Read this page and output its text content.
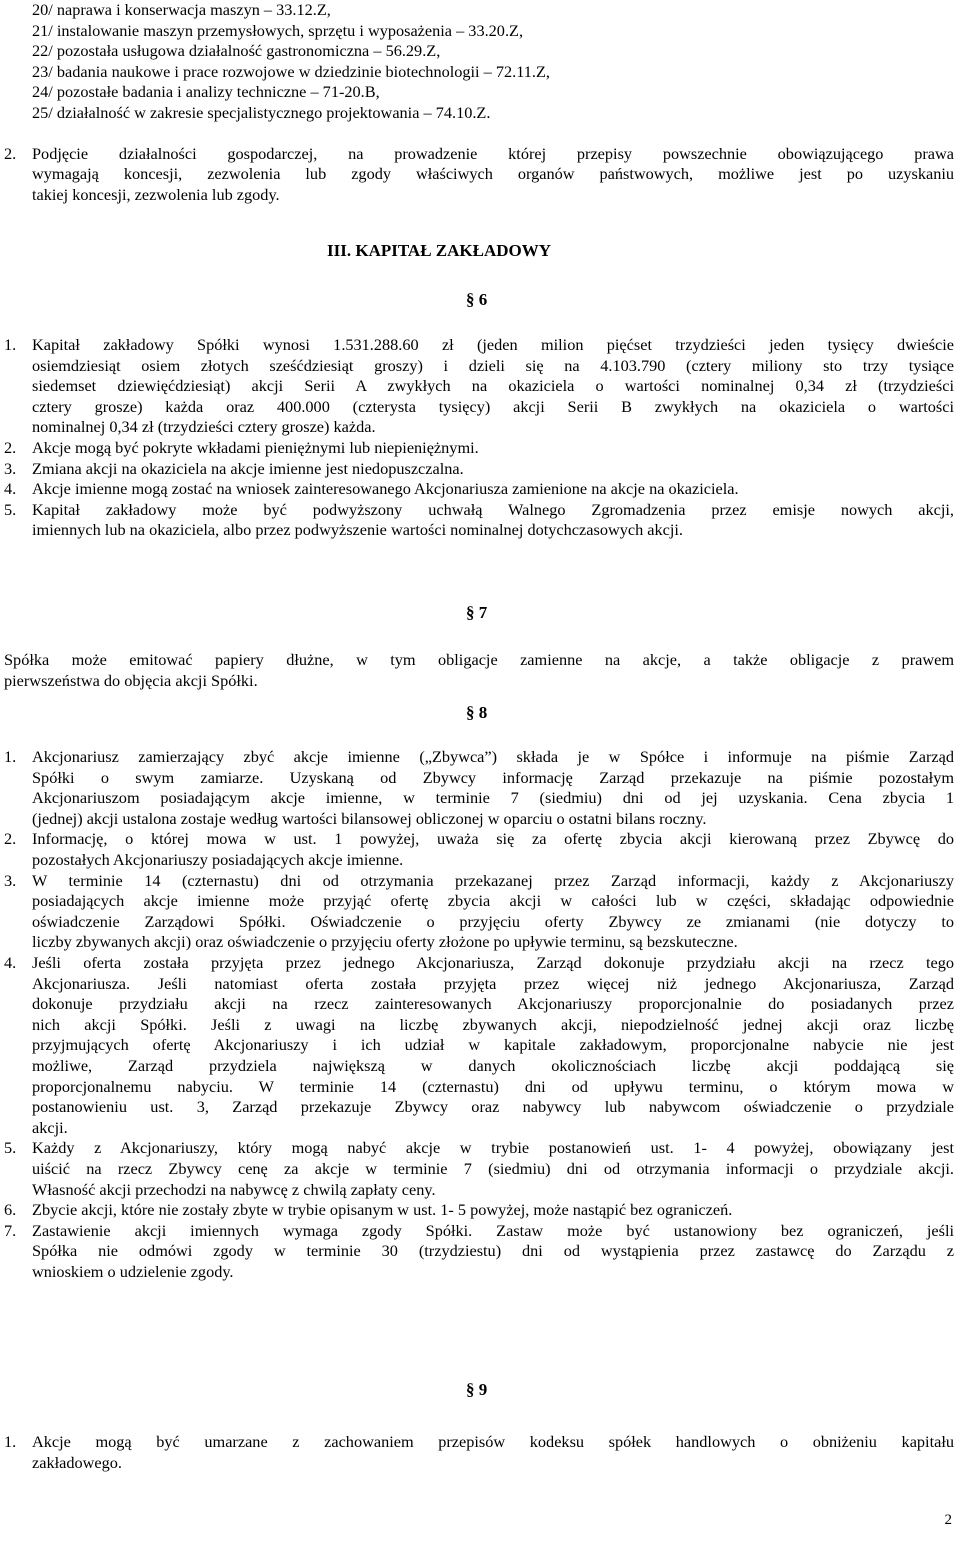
20/ naprawa i konserwacja maszyn – 33.12.Z,
21/ instalowanie maszyn przemysłowych, sprzętu i wyposażenia – 33.20.Z,
22/ pozostała usługowa działalność gastronomiczna – 56.29.Z,
23/ badania naukowe i prace rozwojowe w dziedzinie biotechnologii – 72.11.Z,
24/ pozostałe badania i analizy techniczne – 71-20.B,
25/ działalność w zakresie specjalistycznego projektowania – 74.10.Z.
2. Podjęcie działalności gospodarczej, na prowadzenie której przepisy powszechnie obowiązującego prawa
wymagają koncesji, zezwolenia lub zgody właściwych organów państwowych, możliwe jest po uzyskaniu
takiej koncesji, zezwolenia lub zgody.
III. KAPITAŁ ZAKŁADOWY
§ 6
1. Kapitał zakładowy Spółki wynosi 1.531.288.60 zł (jeden milion pięćset trzydzieści jeden tysięcy dwieście
osiemdziesiąt osiem złotych sześćdziesiąt groszy) i dzieli się na 4.103.790 (cztery miliony sto trzy tysiące
siedemset dziewięćdziesiąt) akcji Serii A zwykłych na okaziciela o wartości nominalnej 0,34 zł (trzydzieści
cztery grosze) każda oraz 400.000 (czterysta tysięcy) akcji Serii B zwykłych na okaziciela o wartości
nominalnej 0,34 zł (trzydzieści cztery grosze) każda.
2. Akcje mogą być pokryte wkładami pieniężnymi lub niepieniężnymi.
3. Zmiana akcji na okaziciela na akcje imienne jest niedopuszczalna.
4. Akcje imienne mogą zostać na wniosek zainteresowanego Akcjonariusza zamienione na akcje na okaziciela.
5. Kapitał zakładowy może być podwyższony uchwałą Walnego Zgromadzenia przez emisje nowych akcji,
imiennych lub na okaziciela, albo przez podwyższenie wartości nominalnej dotychczasowych akcji.
§ 7
Spółka może emitować papiery dłużne, w tym obligacje zamienne na akcje, a także obligacje z prawem
pierwszeństwa do objęcia akcji Spółki.
§ 8
1. Akcjonariusz zamierzający zbyć akcje imienne („Zbywca”) składa je w Spółce i informuje na piśmie Zarząd
Spółki o swym zamiarze. Uzyskaną od Zbywcy informację Zarząd przekazuje na piśmie pozostałym
Akcjonariuszom posiadającym akcje imienne, w terminie 7 (siedmiu) dni od jej uzyskania. Cena zbycia 1
(jednej) akcji ustalona zostaje według wartości bilansowej obliczonej w oparciu o ostatni bilans roczny.
2. Informację, o której mowa w ust. 1 powyżej, uważa się za ofertę zbycia akcji kierowaną przez Zbywcę do
pozostałych Akcjonariuszy posiadających akcje imienne.
3. W terminie 14 (czternastu) dni od otrzymania przekazanej przez Zarząd informacji, każdy z Akcjonariuszy
posiadających akcje imienne może przyjąć ofertę zbycia akcji w całości lub w części, składając odpowiednie
oświadczenie Zarządowi Spółki. Oświadczenie o przyjęciu oferty Zbywcy ze zmianami (nie dotyczy to
liczby zbywanych akcji) oraz oświadczenie o przyjęciu oferty złożone po upływie terminu, są bezskuteczne.
4. Jeśli oferta została przyjęta przez jednego Akcjonariusza, Zarząd dokonuje przydziału akcji na rzecz tego
Akcjonariusza. Jeśli natomiast oferta została przyjęta przez więcej niż jednego Akcjonariusza, Zarząd
dokonuje przydziału akcji na rzecz zainteresowanych Akcjonariuszy proporcjonalnie do posiadanych przez
nich akcji Spółki. Jeśli z uwagi na liczbę zbywanych akcji, niepodzielność jednej akcji oraz liczbę
przyjmujących ofertę Akcjonariuszy i ich udział w kapitale zakładowym, proporcjonalne nabycie nie jest
możliwe, Zarząd przydziela największą w danych okolicznościach liczbę akcji poddającą się
proporcjonalnemu nabyciu. W terminie 14 (czternastu) dni od upływu terminu, o którym mowa w
postanowieniu ust. 3, Zarząd przekazuje Zbywcy oraz nabywcy lub nabywcom oświadczenie o przydziale
akcji.
5. Każdy z Akcjonariuszy, który mogą nabyć akcje w trybie postanowień ust. 1- 4 powyżej, obowiązany jest
uiścić na rzecz Zbywcy cenę za akcje w terminie 7 (siedmiu) dni od otrzymania informacji o przydziale akcji.
Własność akcji przechodzi na nabywcę z chwilą zapłaty ceny.
6. Zbycie akcji, które nie zostały zbyte w trybie opisanym w ust. 1- 5 powyżej, może nastąpić bez ograniczeń.
7. Zastawienie akcji imiennych wymaga zgody Spółki. Zastaw może być ustanowiony bez ograniczeń, jeśli
Spółka nie odmówi zgody w terminie 30 (trzydziestu) dni od wystąpienia przez zastawcę do Zarządu z
wnioskiem o udzielenie zgody.
§ 9
1. Akcje mogą być umarzane z zachowaniem przepisów kodeksu spółek handlowych o obniżeniu kapitału
zakładowego.
2
